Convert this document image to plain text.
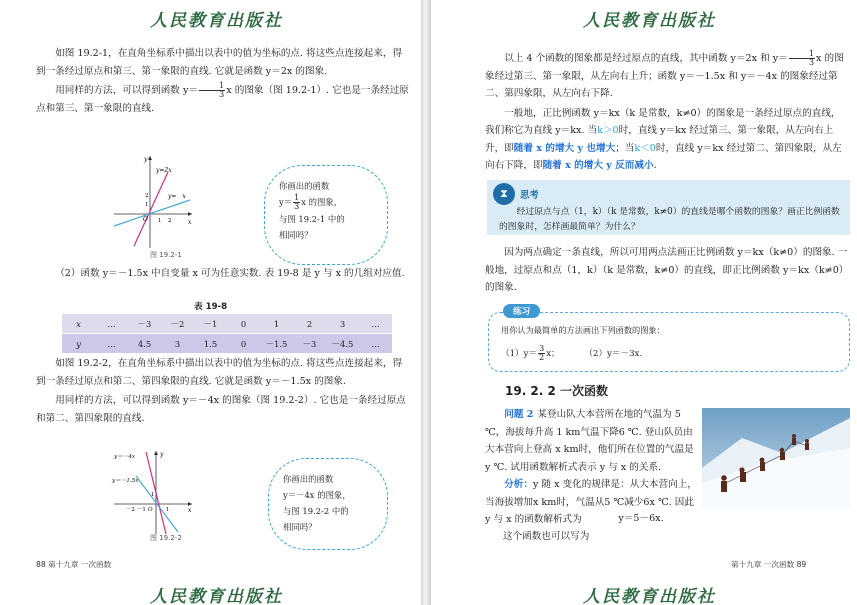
人民教育出版社

如图 19.2-1，在直角坐标系中描出以表中的值为坐标的点. 将这些点连接起来，得到一条经过原点和第三、第一象限的直线. 它就是函数 y＝2x 的图象.

用同样的方法，可以得到函数 $y= \frac{1}{3}$ x 的图象（图 19.2-1）. 它也是一条经过原点和第三、第一象限的直线.

y=2x
y= x
y
x
O 1 2
1
2
图 19.2-1
你画出的函数
$y= \frac{1}{3}$ x 的图象，
与图 19.2-1 中的
相同吗？

（2）函数 y＝－1.5x 中自变量 x 可为任意实数. 表 19-8 是 y 与 x 的几组对应值.

表 19-8
x	…	－3	－2	－1	0	1	2	3	…
y	…	4.5	3	1.5	0	－1.5	－3	－4.5	…

如图 19.2-2，在直角坐标系中描出以表中的值为坐标的点. 将这些点连接起来，得到一条经过原点和第二、第四象限的直线. 它就是函数 y＝－1.5x 的图象.

用同样的方法，可以得到函数 y＝－4x 的图象（图 19.2-2）. 它也是一条经过原点和第二、第四象限的直线.

y＝－4x
y＝－1.5x
y
x
O
－2 －1	1
1
图 19.2-2
你画出的函数
y＝－4x 的图象，
与图 19.2-2 中的
相同吗？
88 第十九章 一次函数
人民教育出版社
人民教育出版社

以上 4 个函数的图象都是经过原点的直线，其中函数 y＝2x 和 $y= \frac{1}{3}$ x 的图象经过第三、第一象限，从左向右上升；函数 y＝－1.5x 和 y＝－4x 的图象经过第二、第四象限，从左向右下降.

一般地，正比例函数 y＝kx（k 是常数，k≠0）的图象是一条经过原点的直线，我们称它为直线 y＝kx. 当k＞0时，直线 y＝kx 经过第三、第一象限，从左向右上升，即随着 x 的增大 y 也增大；当k＜0时，直线 y＝kx 经过第二、第四象限，从左向右下降，即随着 x 的增大 y 反而减小.

⧗	思考
经过原点与点（1，k）（k 是常数，k≠0）的直线是哪个函数的图象？画正比例函数的图象时，怎样画最简单？为什么？

因为两点确定一条直线，所以可用两点法画正比例函数 y＝kx（k≠0）的图象. 一般地，过原点和点（1，k）（k 是常数，k≠0）的直线，即正比例函数 y＝kx（k≠0）的图象.

练习
用你认为最简单的方法画出下列函数的图象：
$(1)y= \frac{3}{2}$ x；	（2）y＝－3x.
19. 2. 2 一次函数

问题 2 某登山队大本营所在地的气温为 5 ℃，海拔每升高 1 km气温下降6 ℃. 登山队员由大本营向上登高 x km时，他们所在位置的气温是 y ℃. 试用函数解析式表示 y 与 x 的关系.

分析：y 随 x 变化的规律是：从大本营向上，当海拔增加x km时，气温从5 ℃减少6x ℃. 因此 y 与 x 的函数解析式为	y＝5－6x.
这个函数也可以写为
第十九章 一次函数 89
人民教育出版社
